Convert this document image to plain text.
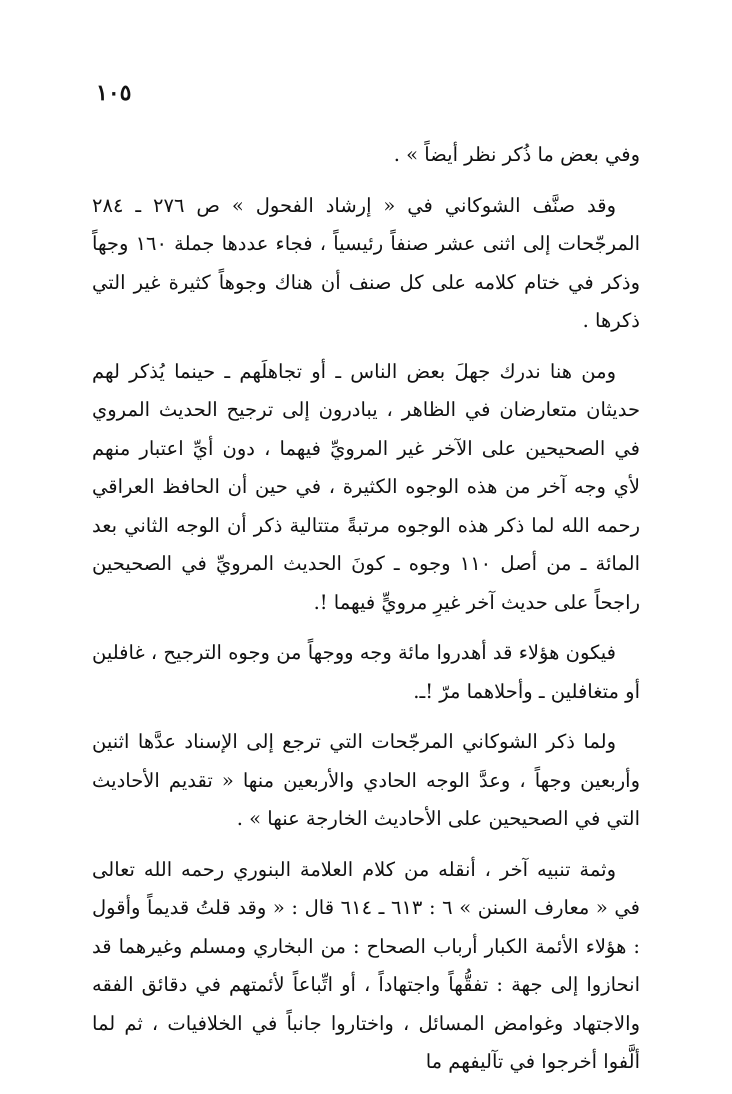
١٠٥

وفي بعض ما ذُكر نظر أيضاً » .

وقد صنَّف الشوكاني في « إرشاد الفحول » ص ٢٧٦ ـ ٢٨٤ المرجّحات إلى اثنى عشر صنفاً رئيسياً ، فجاء عددها جملة ١٦٠ وجهاً وذكر في ختام كلامه على كل صنف أن هناك وجوهاً كثيرة غير التي ذكرها .

ومن هنا ندرك جهلَ بعض الناس ـ أو تجاهلَهم ـ حينما يُذكر لهم حديثان متعارضان في الظاهر ، يبادرون إلى ترجيح الحديث المروي في الصحيحين على الآخر غير المرويِّ فيهما ، دون أيِّ اعتبار منهم لأي وجه آخر من هذه الوجوه الكثيرة ، في حين أن الحافظ العراقي رحمه الله لما ذكر هذه الوجوه مرتبةً متتالية ذكر أن الوجه الثاني بعد المائة ـ من أصل ١١٠ وجوه ـ كونَ الحديث المرويِّ في الصحيحين راجحاً على حديث آخر غيرِ مرويٍّ فيهما !.

فيكون هؤلاء قد أهدروا مائة وجه ووجهاً من وجوه الترجيح ، غافلين أو متغافلين ـ وأحلاهما مرّ !ـ.

ولما ذكر الشوكاني المرجّحات التي ترجع إلى الإسناد عدَّها اثنين وأربعين وجهاً ، وعدَّ الوجه الحادي والأربعين منها « تقديم الأحاديث التي في الصحيحين على الأحاديث الخارجة عنها » .

وثمة تنبيه آخر ، أنقله من كلام العلامة البنوري رحمه الله تعالى في « معارف السنن » ٦ : ٦١٣ ـ ٦١٤ قال : « وقد قلتُ قديماً وأقول : هؤلاء الأئمة الكبار أرباب الصحاح : من البخاري ومسلم وغيرهما قد انحازوا إلى جهة : تفقُّهاً واجتهاداً ، أو اتِّباعاً لأئمتهم في دقائق الفقه والاجتهاد وغوامض المسائل ، واختاروا جانباً في الخلافيات ، ثم لما ألَّفوا أخرجوا في تآليفهم ما
